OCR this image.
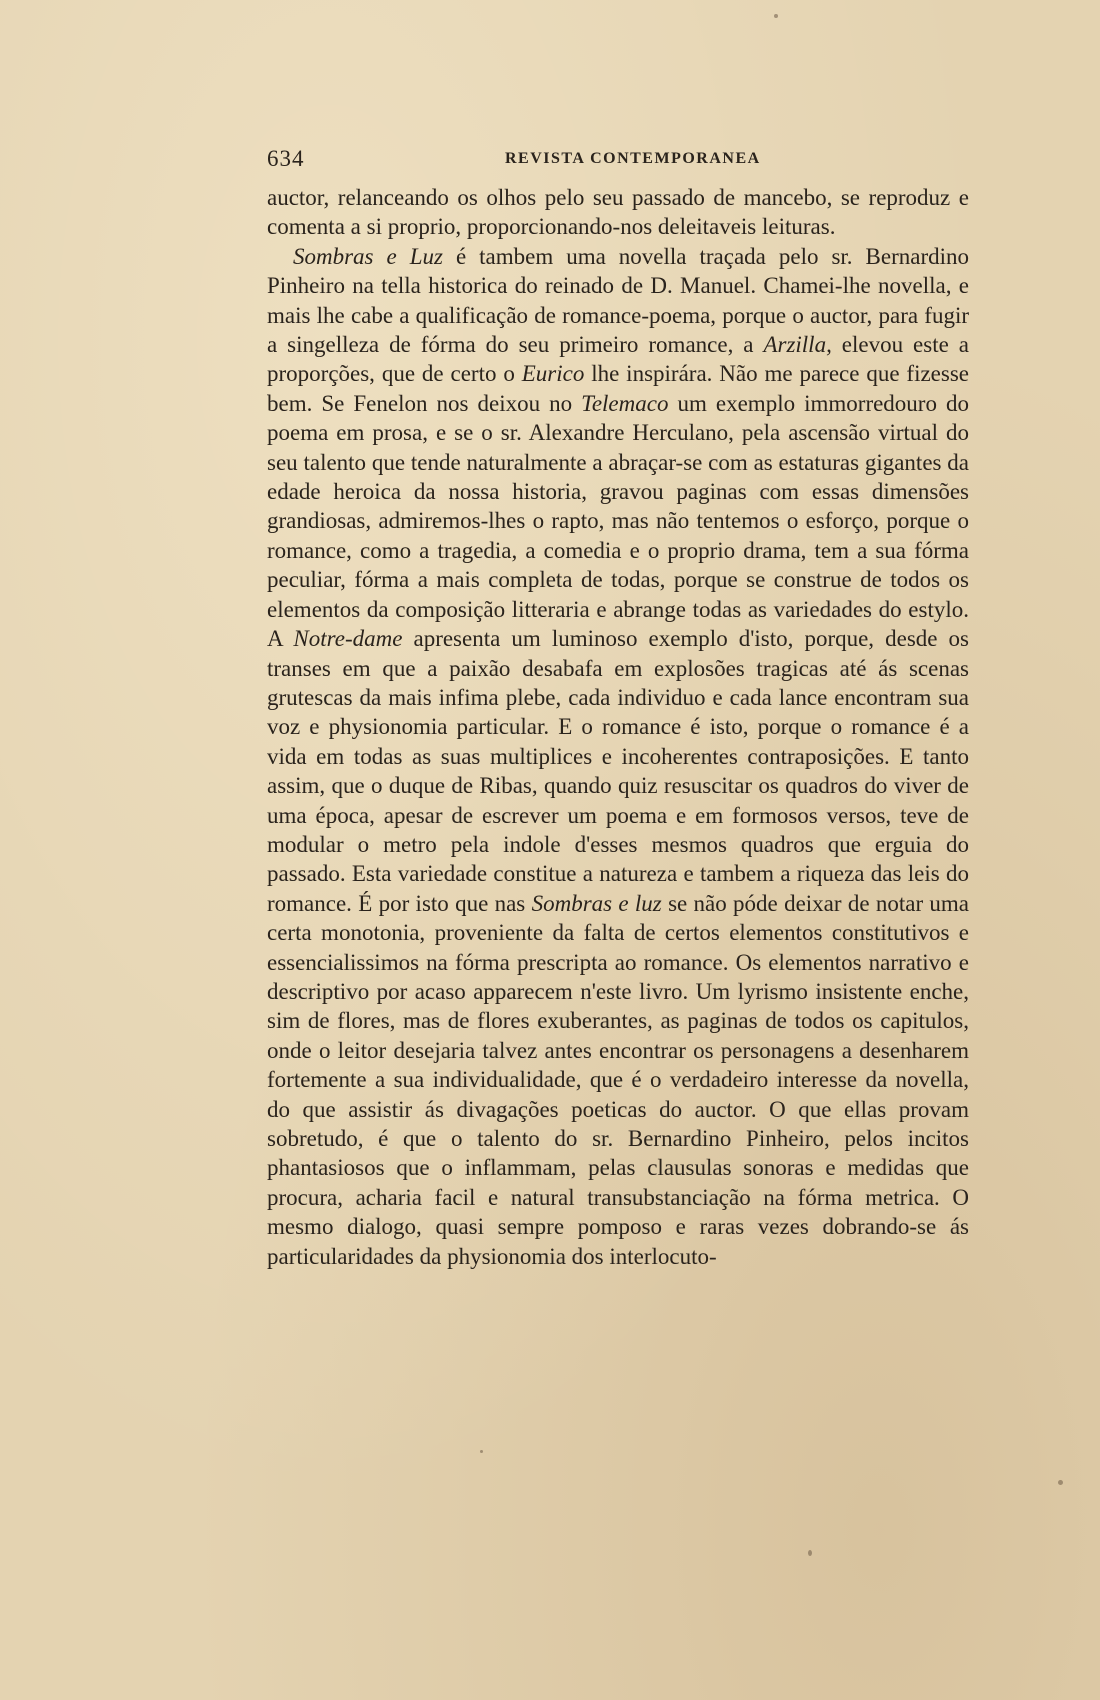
634	REVISTA CONTEMPORANEA

auctor, relanceando os olhos pelo seu passado de mancebo, se reproduz e comenta a si proprio, proporcionando-nos deleitaveis leituras.

Sombras e Luz é tambem uma novella traçada pelo sr. Bernardino Pinheiro na tella historica do reinado de D. Manuel. Chamei-lhe novella, e mais lhe cabe a qualificação de romance-poema, porque o auctor, para fugir a singelleza de fórma do seu primeiro romance, a Arzilla, elevou este a proporções, que de certo o Eurico lhe inspirára. Não me parece que fizesse bem. Se Fenelon nos deixou no Telemaco um exemplo immorredouro do poema em prosa, e se o sr. Alexandre Herculano, pela ascensão virtual do seu talento que tende naturalmente a abraçar-se com as estaturas gigantes da edade heroica da nossa historia, gravou paginas com essas dimensões grandiosas, admiremos-lhes o rapto, mas não tentemos o esforço, porque o romance, como a tragedia, a comedia e o proprio drama, tem a sua fórma peculiar, fórma a mais completa de todas, porque se construe de todos os elementos da composição litteraria e abrange todas as variedades do estylo. A Notre-dame apresenta um luminoso exemplo d'isto, porque, desde os transes em que a paixão desabafa em explosões tragicas até ás scenas grutescas da mais infima plebe, cada individuo e cada lance encontram sua voz e physionomia particular. E o romance é isto, porque o romance é a vida em todas as suas multiplices e incoherentes contraposições. E tanto assim, que o duque de Ribas, quando quiz resuscitar os quadros do viver de uma época, apesar de escrever um poema e em formosos versos, teve de modular o metro pela indole d'esses mesmos quadros que erguia do passado. Esta variedade constitue a natureza e tambem a riqueza das leis do romance. É por isto que nas Sombras e luz se não póde deixar de notar uma certa monotonia, proveniente da falta de certos elementos constitutivos e essencialissimos na fórma prescripta ao romance. Os elementos narrativo e descriptivo por acaso apparecem n'este livro. Um lyrismo insistente enche, sim de flores, mas de flores exuberantes, as paginas de todos os capitulos, onde o leitor desejaria talvez antes encontrar os personagens a desenharem fortemente a sua individualidade, que é o verdadeiro interesse da novella, do que assistir ás divagações poeticas do auctor. O que ellas provam sobretudo, é que o talento do sr. Bernardino Pinheiro, pelos incitos phantasiosos que o inflammam, pelas clausulas sonoras e medidas que procura, acharia facil e natural transubstanciação na fórma metrica. O mesmo dialogo, quasi sempre pomposo e raras vezes dobrando-se ás particularidades da physionomia dos interlocuto-
